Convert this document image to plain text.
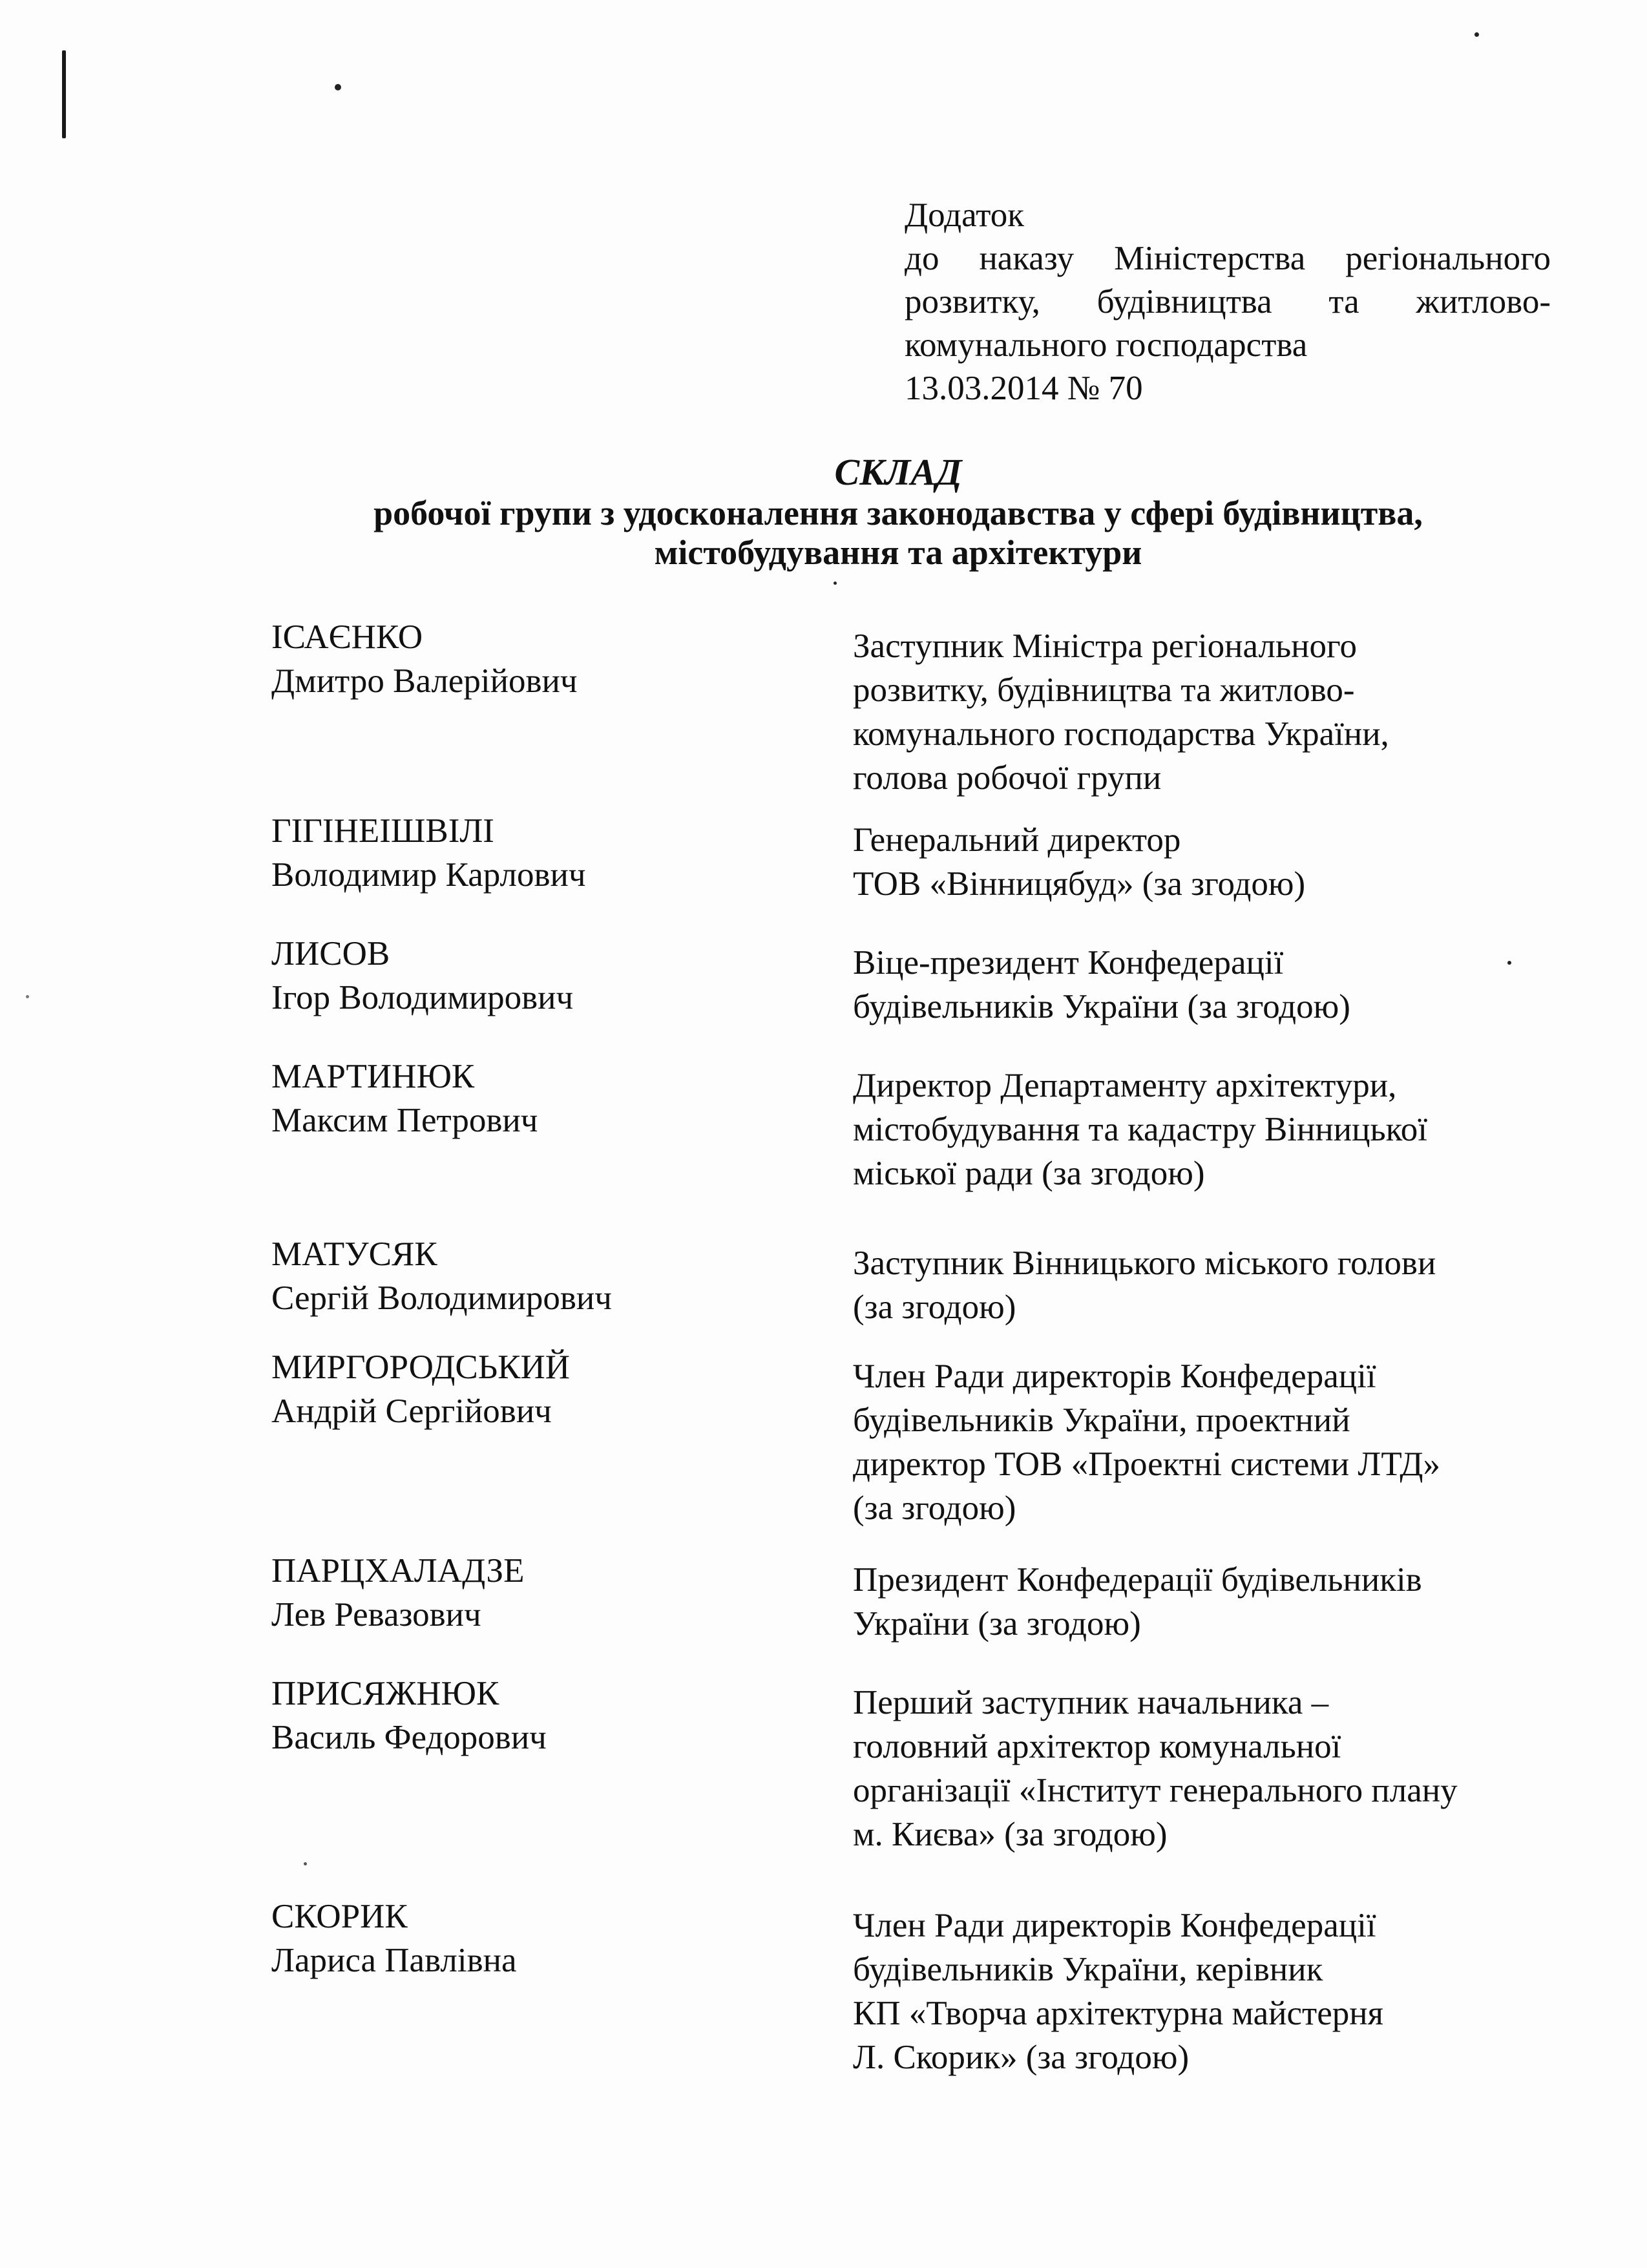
Додаток
до наказу Міністерства регіонального
розвитку, будівництва та житлово-
комунального господарства
13.03.2014 № 70
СКЛАД
робочої групи з удосконалення законодавства у сфері будівництва,
містобудування та архітектури
ІСАЄНКО
Дмитро Валерійович
Заступник Міністра регіонального
розвитку, будівництва та житлово-
комунального господарства України,
голова робочої групи
ГІГІНЕІШВІЛІ
Володимир Карлович
Генеральний директор
ТОВ «Вінницябуд» (за згодою)
ЛИСОВ
Ігор Володимирович
Віце-президент Конфедерації
будівельників України (за згодою)
МАРТИНЮК
Максим Петрович
Директор Департаменту архітектури,
містобудування та кадастру Вінницької
міської ради (за згодою)
МАТУСЯК
Сергій Володимирович
Заступник Вінницького міського голови
(за згодою)
МИРГОРОДСЬКИЙ
Андрій Сергійович
Член Ради директорів Конфедерації
будівельників України, проектний
директор ТОВ «Проектні системи ЛТД»
(за згодою)
ПАРЦХАЛАДЗЕ
Лев Ревазович
Президент Конфедерації будівельників
України (за згодою)
ПРИСЯЖНЮК
Василь Федорович
Перший заступник начальника –
головний архітектор комунальної
організації «Інститут генерального плану
м. Києва» (за згодою)
СКОРИК
Лариса Павлівна
Член Ради директорів Конфедерації
будівельників України, керівник
КП «Творча архітектурна майстерня
Л. Скорик» (за згодою)
